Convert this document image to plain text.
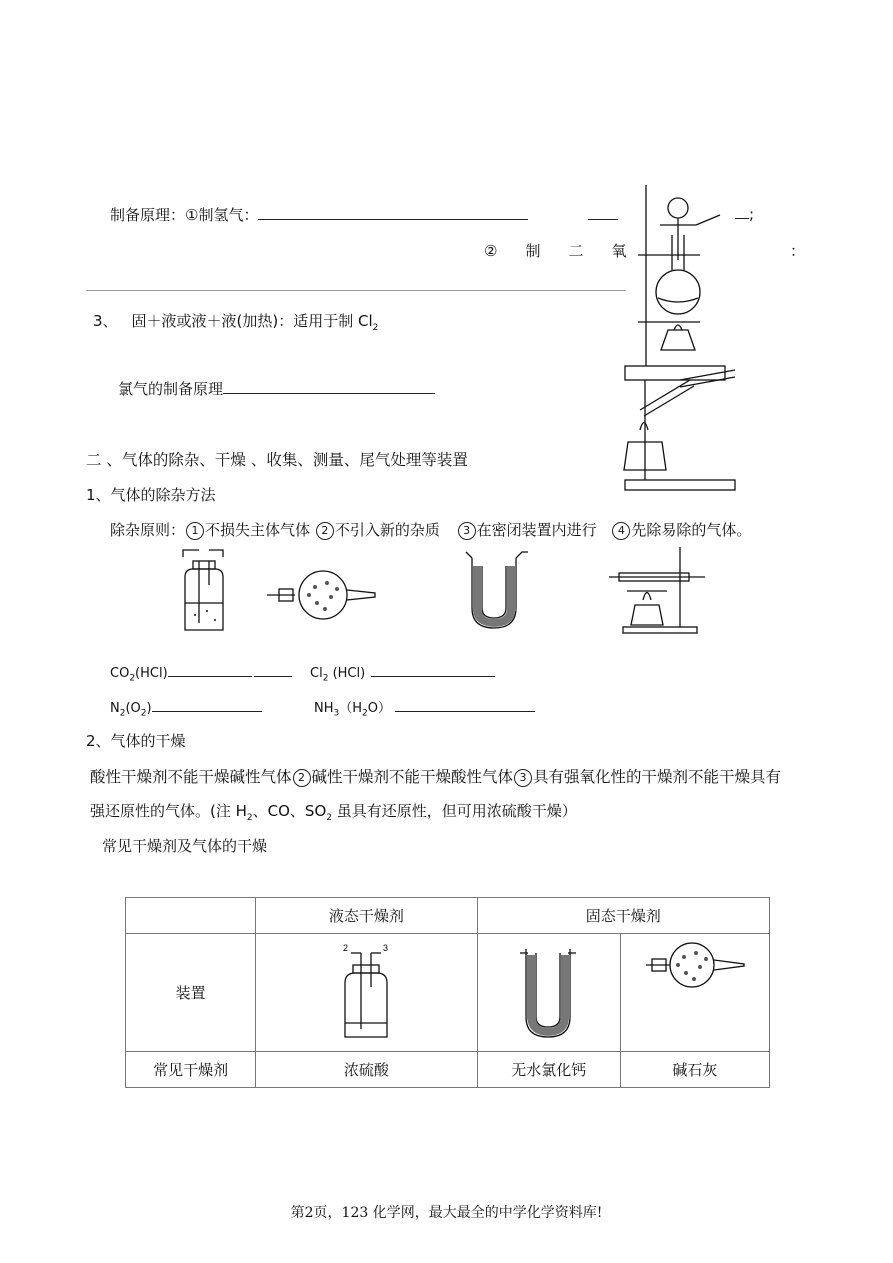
制备原理：①制氢气：	;
② 制 二 氧	：
3、 固＋液或液＋液(加热)：适用于制 $Cl_2$
氯气的制备原理
二 、气体的除杂、干燥 、收集、测量、尾气处理等装置
1、气体的除杂方法
除杂原则： 1 不损失主体气体 2 不引入新的杂质 3 在密闭装置内进行 4 先除易除的气体。
$CO_2(HCl)$	$Cl_2$ (HCl)
$N_2(O_2)$	$NH_3(H_2O)$
2、气体的干燥
酸性干燥剂不能干燥碱性气体 2 碱性干燥剂不能干燥酸性气体 3 具有强氧化性的干燥剂不能干燥具有
强还原性的气体。(注 $H_2$、CO、$SO_2$ 虽具有还原性，但可用浓硫酸干燥）
常见干燥剂及气体的干燥
	液态干燥剂	固态干燥剂	
装置	2 3

常见干燥剂	浓硫酸	无水氯化钙	碱石灰
第2页，123 化学网，最大最全的中学化学资料库!
